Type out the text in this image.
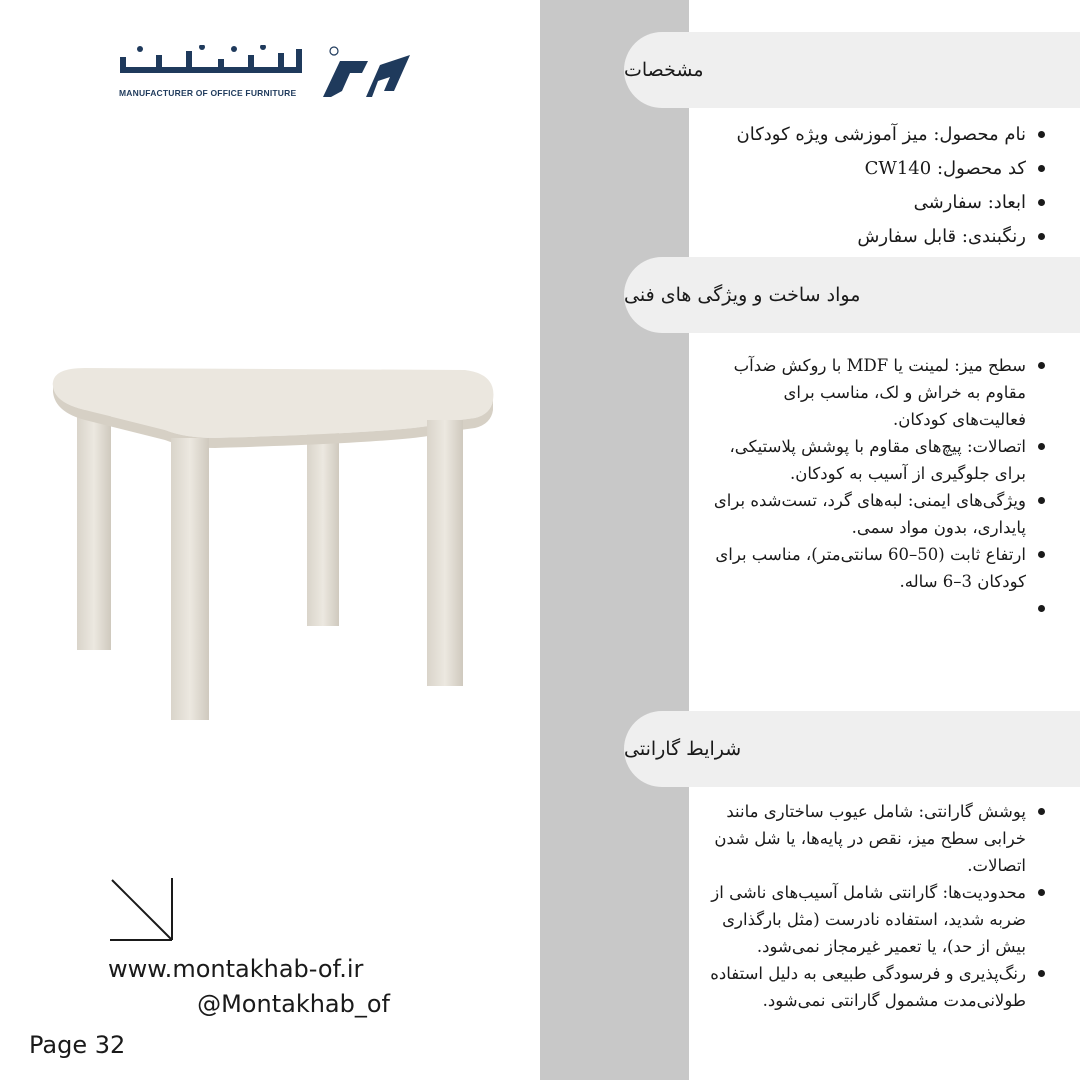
MANUFACTURER OF OFFICE FURNITURE
www.montakhab-of.ir
@Montakhab_of
Page 32
مشخصات
نام محصول: میز آموزشی ویژه کودکان
کد محصول: CW140
ابعاد: سفارشی
رنگبندی: قابل سفارش
مواد ساخت و ویژگی های فنی
سطح میز: لمینت یا MDF با روکش ضدآب مقاوم به خراش و لک، مناسب برای فعالیت‌های کودکان.
اتصالات: پیچ‌های مقاوم با پوشش پلاستیکی، برای جلوگیری از آسیب به کودکان.
ویژگی‌های ایمنی: لبه‌های گرد، تست‌شده برای پایداری، بدون مواد سمی.
ارتفاع ثابت (50–60 سانتی‌متر)، مناسب برای کودکان 3–6 ساله.
شرایط گارانتی
پوشش گارانتی: شامل عیوب ساختاری مانند خرابی سطح میز، نقص در پایه‌ها، یا شل شدن اتصالات.
محدودیت‌ها: گارانتی شامل آسیب‌های ناشی از ضربه شدید، استفاده نادرست (مثل بارگذاری بیش از حد)، یا تعمیر غیرمجاز نمی‌شود.
رنگ‌پذیری و فرسودگی طبیعی به دلیل استفاده طولانی‌مدت مشمول گارانتی نمی‌شود.
